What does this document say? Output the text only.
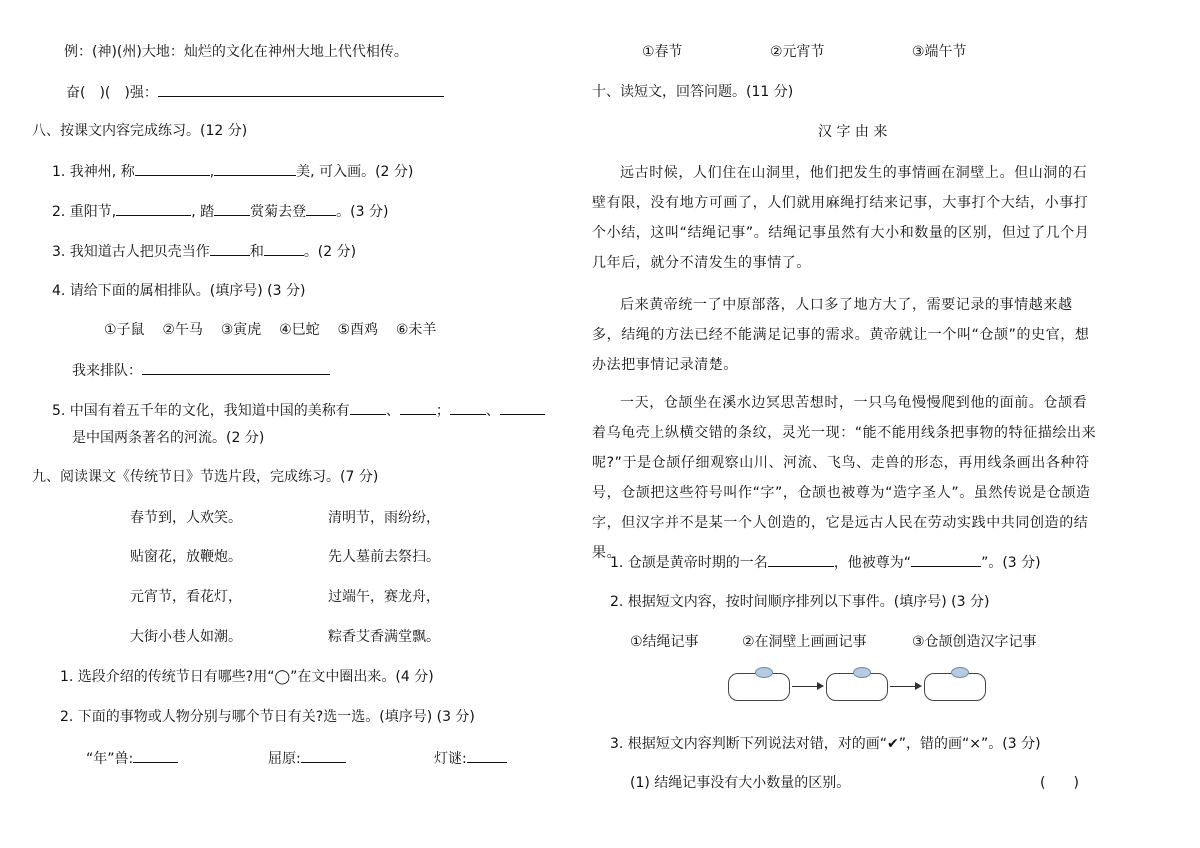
例：(神)(州)大地：灿烂的文化在神州大地上代代相传。
奋(　)(　)强：
八、按课文内容完成练习。(12 分)
1. 我神州, 称	,	美, 可入画。(2 分)
2. 重阳节,	, 踏	赏菊去登 。(3 分)
3. 我知道古人把贝壳当作	和	。(2 分)
4. 请给下面的属相排队。(填序号) (3 分)
①子鼠 ②午马 ③寅虎 ④巳蛇 ⑤酉鸡 ⑥未羊
我来排队：
5. 中国有着五千年的文化，我知道中国的美称有	、	；	、
是中国两条著名的河流。(2 分)
九、阅读课文《传统节日》节选片段，完成练习。(7 分)
春节到，人欢笑。
贴窗花，放鞭炮。
元宵节，看花灯，
大街小巷人如潮。
清明节，雨纷纷，
先人墓前去祭扫。
过端午，赛龙舟，
粽香艾香满堂飘。
1. 选段介绍的传统节日有哪些?用“◯”在文中圈出来。(4 分)
2. 下面的事物或人物分别与哪个节日有关?选一选。(填序号) (3 分)
“年”兽:	屈原:	灯谜:
①春节	②元宵节	③端午节
十、读短文，回答问题。(11 分)
汉 字 由 来

远古时候，人们住在山洞里，他们把发生的事情画在洞壁上。但山洞的石壁有限，没有地方可画了，人们就用麻绳打结来记事，大事打个大结，小事打个小结，这叫“结绳记事”。结绳记事虽然有大小和数量的区别，但过了几个月几年后，就分不清发生的事情了。

后来黄帝统一了中原部落，人口多了地方大了，需要记录的事情越来越多，结绳的方法已经不能满足记事的需求。黄帝就让一个叫“仓颉”的史官，想办法把事情记录清楚。

一天，仓颉坐在溪水边冥思苦想时，一只乌龟慢慢爬到他的面前。仓颉看着乌龟壳上纵横交错的条纹，灵光一现：“能不能用线条把事物的特征描绘出来呢?”于是仓颉仔细观察山川、河流、飞鸟、走兽的形态，再用线条画出各种符号，仓颉把这些符号叫作“字”，仓颉也被尊为“造字圣人”。虽然传说是仓颉造字，但汉字并不是某一个人创造的，它是远古人民在劳动实践中共同创造的结果。

1. 仓颉是黄帝时期的一名	，他被尊为“	”。(3 分)
2. 根据短文内容，按时间顺序排列以下事件。(填序号) (3 分)
①结绳记事	②在洞壁上画画记事	③仓颉创造汉字记事
3. 根据短文内容判断下列说法对错，对的画“✔”，错的画“×”。(3 分)
(1) 结绳记事没有大小数量的区别。	(　　)
